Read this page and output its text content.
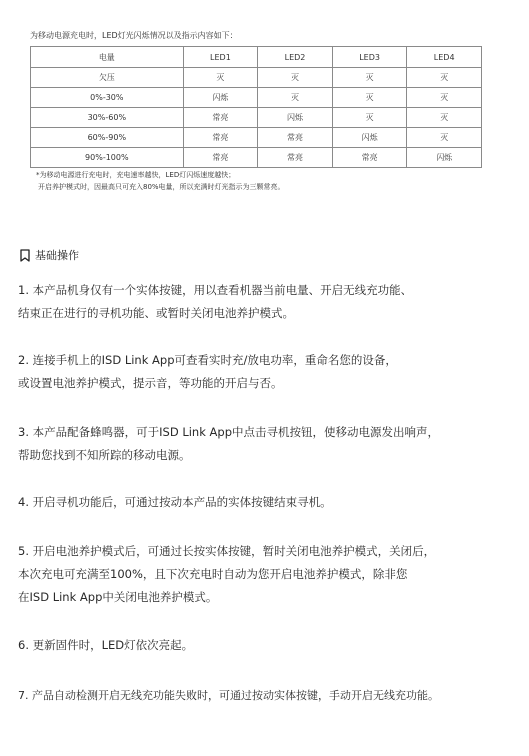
为移动电源充电时，LED灯光闪烁情况以及指示内容如下：
电量	LED1	LED2	LED3	LED4
欠压	灭	灭	灭	灭
0%-30%	闪烁	灭	灭	灭
30%-60%	常亮	闪烁	灭	灭
60%-90%	常亮	常亮	闪烁	灭
90%-100%	常亮	常亮	常亮	闪烁
*为移动电源进行充电时，充电速率越快，LED灯闪烁速度越快；
开启养护模式时，因最高只可充入80%电量，所以充满时灯光指示为三颗常亮。
基础操作
1. 本产品机身仅有一个实体按键，用以查看机器当前电量、开启无线充功能、
结束正在进行的寻机功能、或暂时关闭电池养护模式。
2. 连接手机上的ISD Link App可查看实时充/放电功率，重命名您的设备，
或设置电池养护模式，提示音，等功能的开启与否。
3. 本产品配备蜂鸣器，可于ISD Link App中点击寻机按钮，使移动电源发出响声，
帮助您找到不知所踪的移动电源。
4. 开启寻机功能后，可通过按动本产品的实体按键结束寻机。
5. 开启电池养护模式后，可通过长按实体按键，暂时关闭电池养护模式，关闭后，
本次充电可充满至100%，且下次充电时自动为您开启电池养护模式，除非您
在ISD Link App中关闭电池养护模式。
6. 更新固件时，LED灯依次亮起。
7. 产品自动检测开启无线充功能失败时，可通过按动实体按键，手动开启无线充功能。
